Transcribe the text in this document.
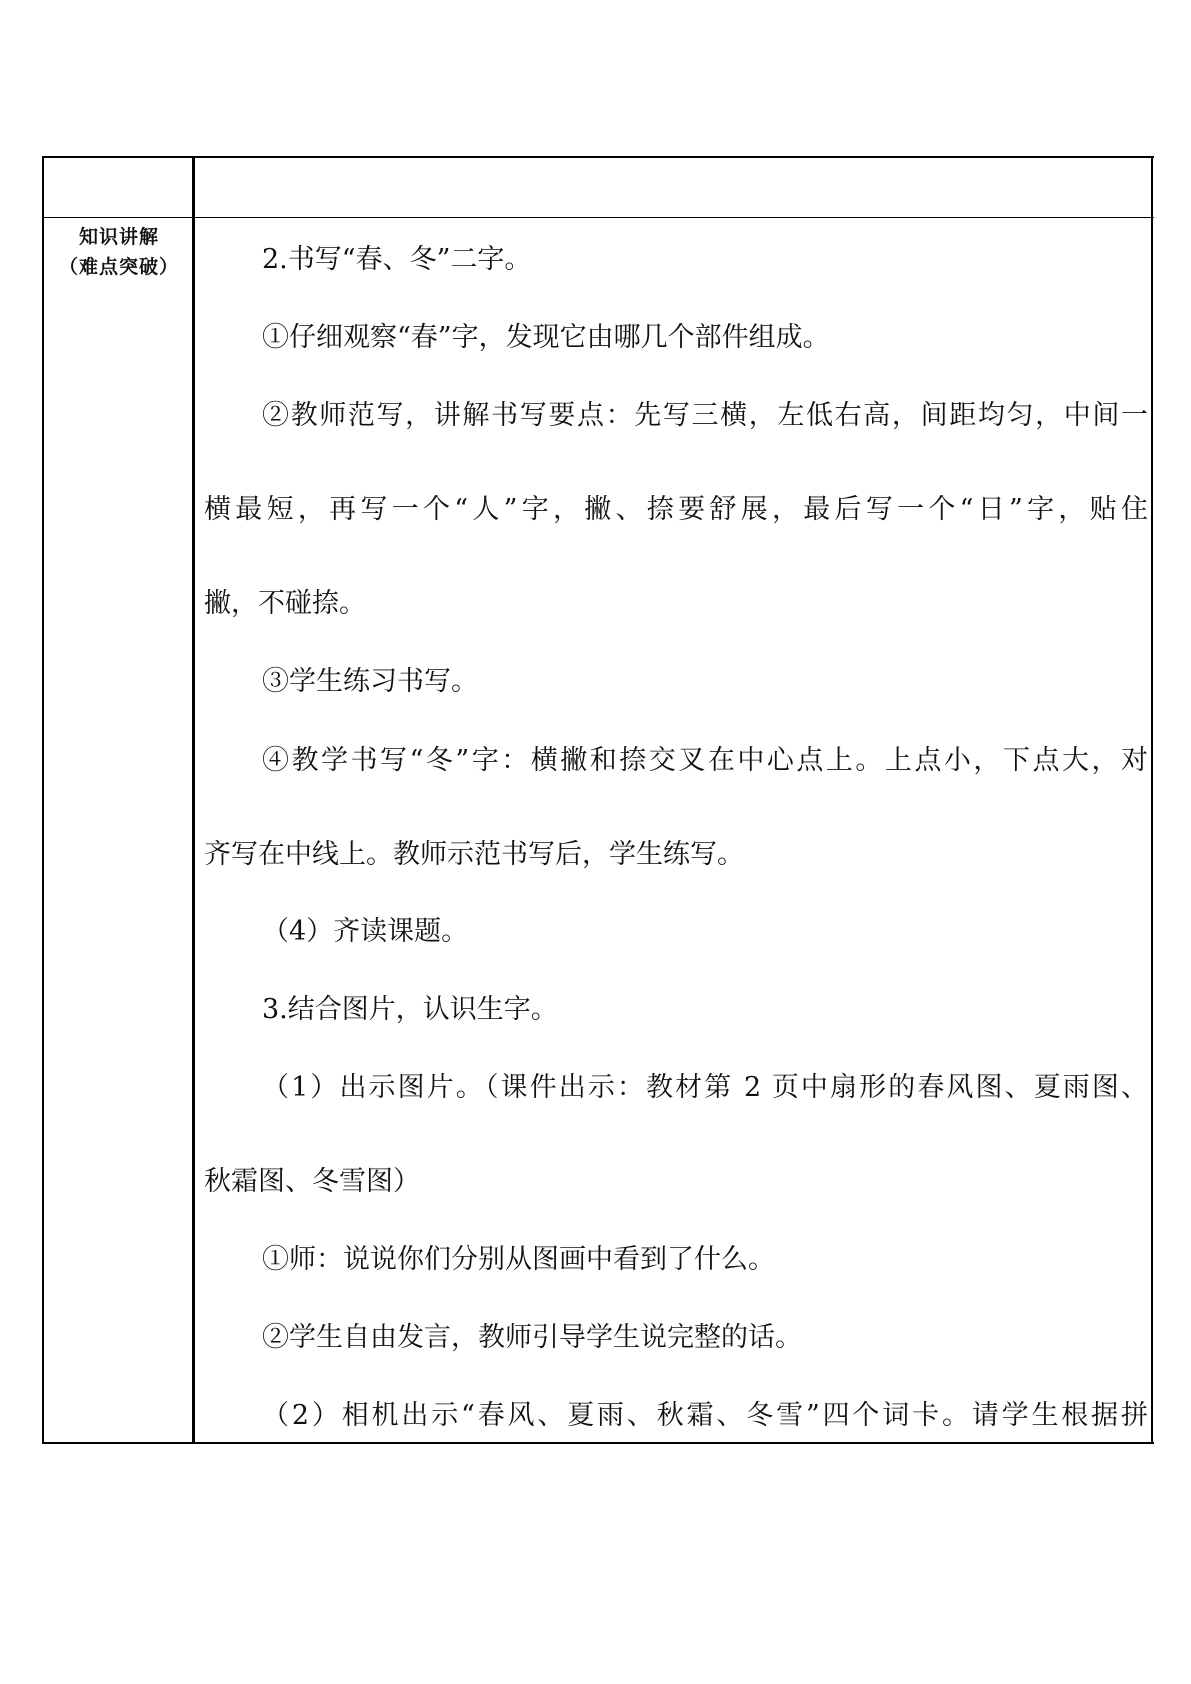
知识讲解
（难点突破）	2.书写“春、冬”二字。
①仔细观察“春”字，发现它由哪几个部件组成。
②教师范写，讲解书写要点：先写三横，左低右高，间距均匀，中间一
横最短，再写一个“人”字，撇、捺要舒展，最后写一个“日”字，贴住
撇，不碰捺。
③学生练习书写。
④教学书写“冬”字：横撇和捺交叉在中心点上。上点小，下点大，对
齐写在中线上。教师示范书写后，学生练写。
（4）齐读课题。
3.结合图片，认识生字。
（1）出示图片。（课件出示：教材第 2 页中扇形的春风图、夏雨图、
秋霜图、冬雪图）
①师：说说你们分别从图画中看到了什么。
②学生自由发言，教师引导学生说完整的话。
（2）相机出示“春风、夏雨、秋霜、冬雪”四个词卡。请学生根据拼
